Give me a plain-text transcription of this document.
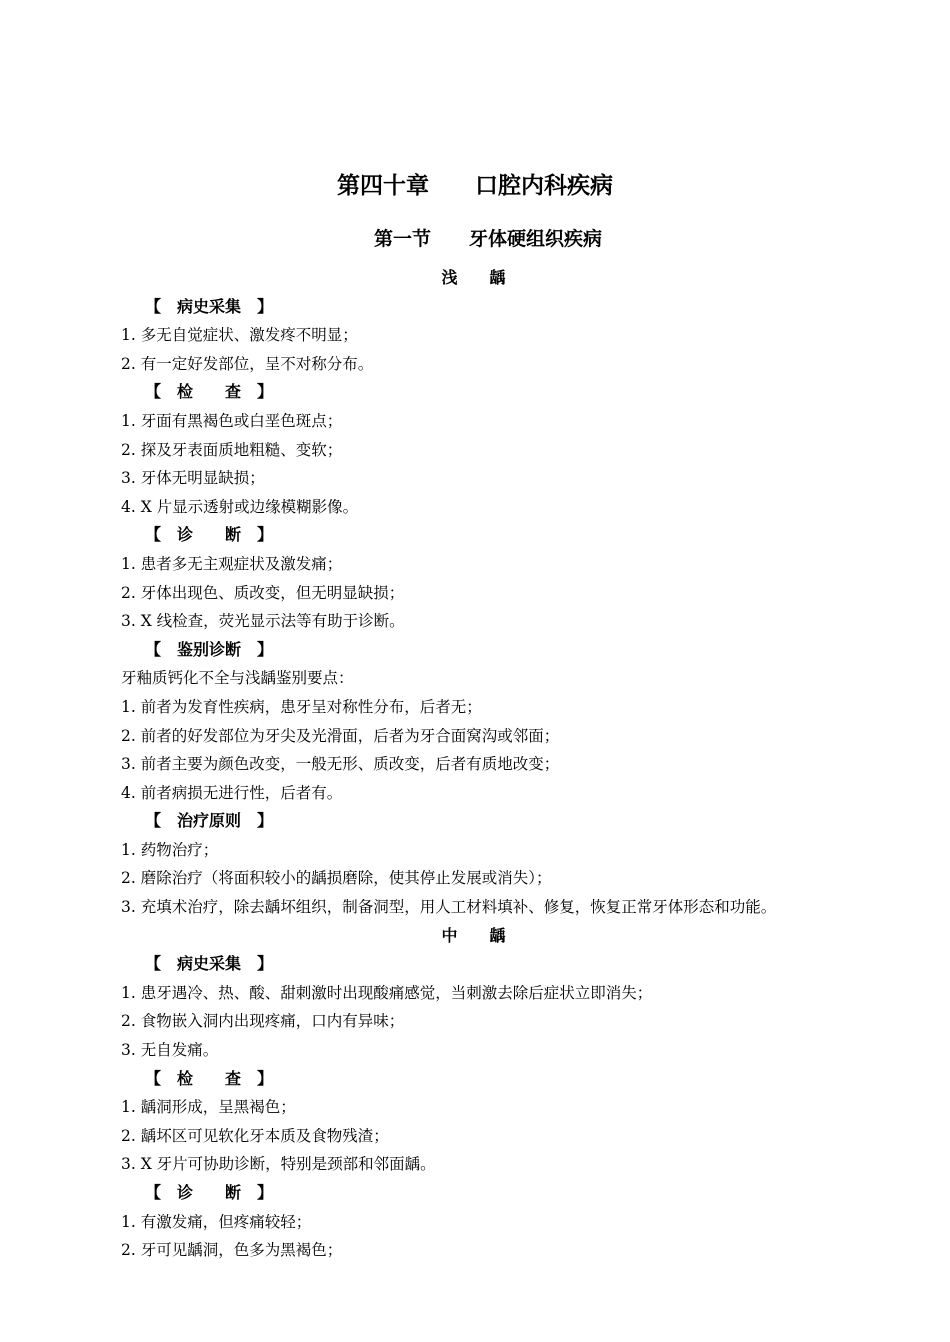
第四十章　　口腔内科疾病
第一节　　牙体硬组织疾病
浅　　龋
【　病史采集　】
1. 多无自觉症状、激发疼不明显；
2. 有一定好发部位，呈不对称分布。
【　检　　查　】
1. 牙面有黑褐色或白垩色斑点；
2. 探及牙表面质地粗糙、变软；
3. 牙体无明显缺损；
4. X 片显示透射或边缘模糊影像。
【　诊　　断　】
1. 患者多无主观症状及激发痛；
2. 牙体出现色、质改变，但无明显缺损；
3. X 线检查，荧光显示法等有助于诊断。
【　鉴别诊断　】
牙釉质钙化不全与浅龋鉴别要点：
1. 前者为发育性疾病，患牙呈对称性分布，后者无；
2. 前者的好发部位为牙尖及光滑面，后者为牙合面窝沟或邻面；
3. 前者主要为颜色改变，一般无形、质改变，后者有质地改变；
4. 前者病损无进行性，后者有。
【　治疗原则　】
1. 药物治疗；
2. 磨除治疗（将面积较小的龋损磨除，使其停止发展或消失）；
3. 充填术治疗，除去龋坏组织，制备洞型，用人工材料填补、修复，恢复正常牙体形态和功能。
中　　龋
【　病史采集　】
1. 患牙遇冷、热、酸、甜刺激时出现酸痛感觉，当刺激去除后症状立即消失；
2. 食物嵌入洞内出现疼痛，口内有异味；
3. 无自发痛。
【　检　　查　】
1. 龋洞形成，呈黑褐色；
2. 龋坏区可见软化牙本质及食物残渣；
3. X 牙片可协助诊断，特别是颈部和邻面龋。
【　诊　　断　】
1. 有激发痛，但疼痛较轻；
2. 牙可见龋洞，色多为黑褐色；
